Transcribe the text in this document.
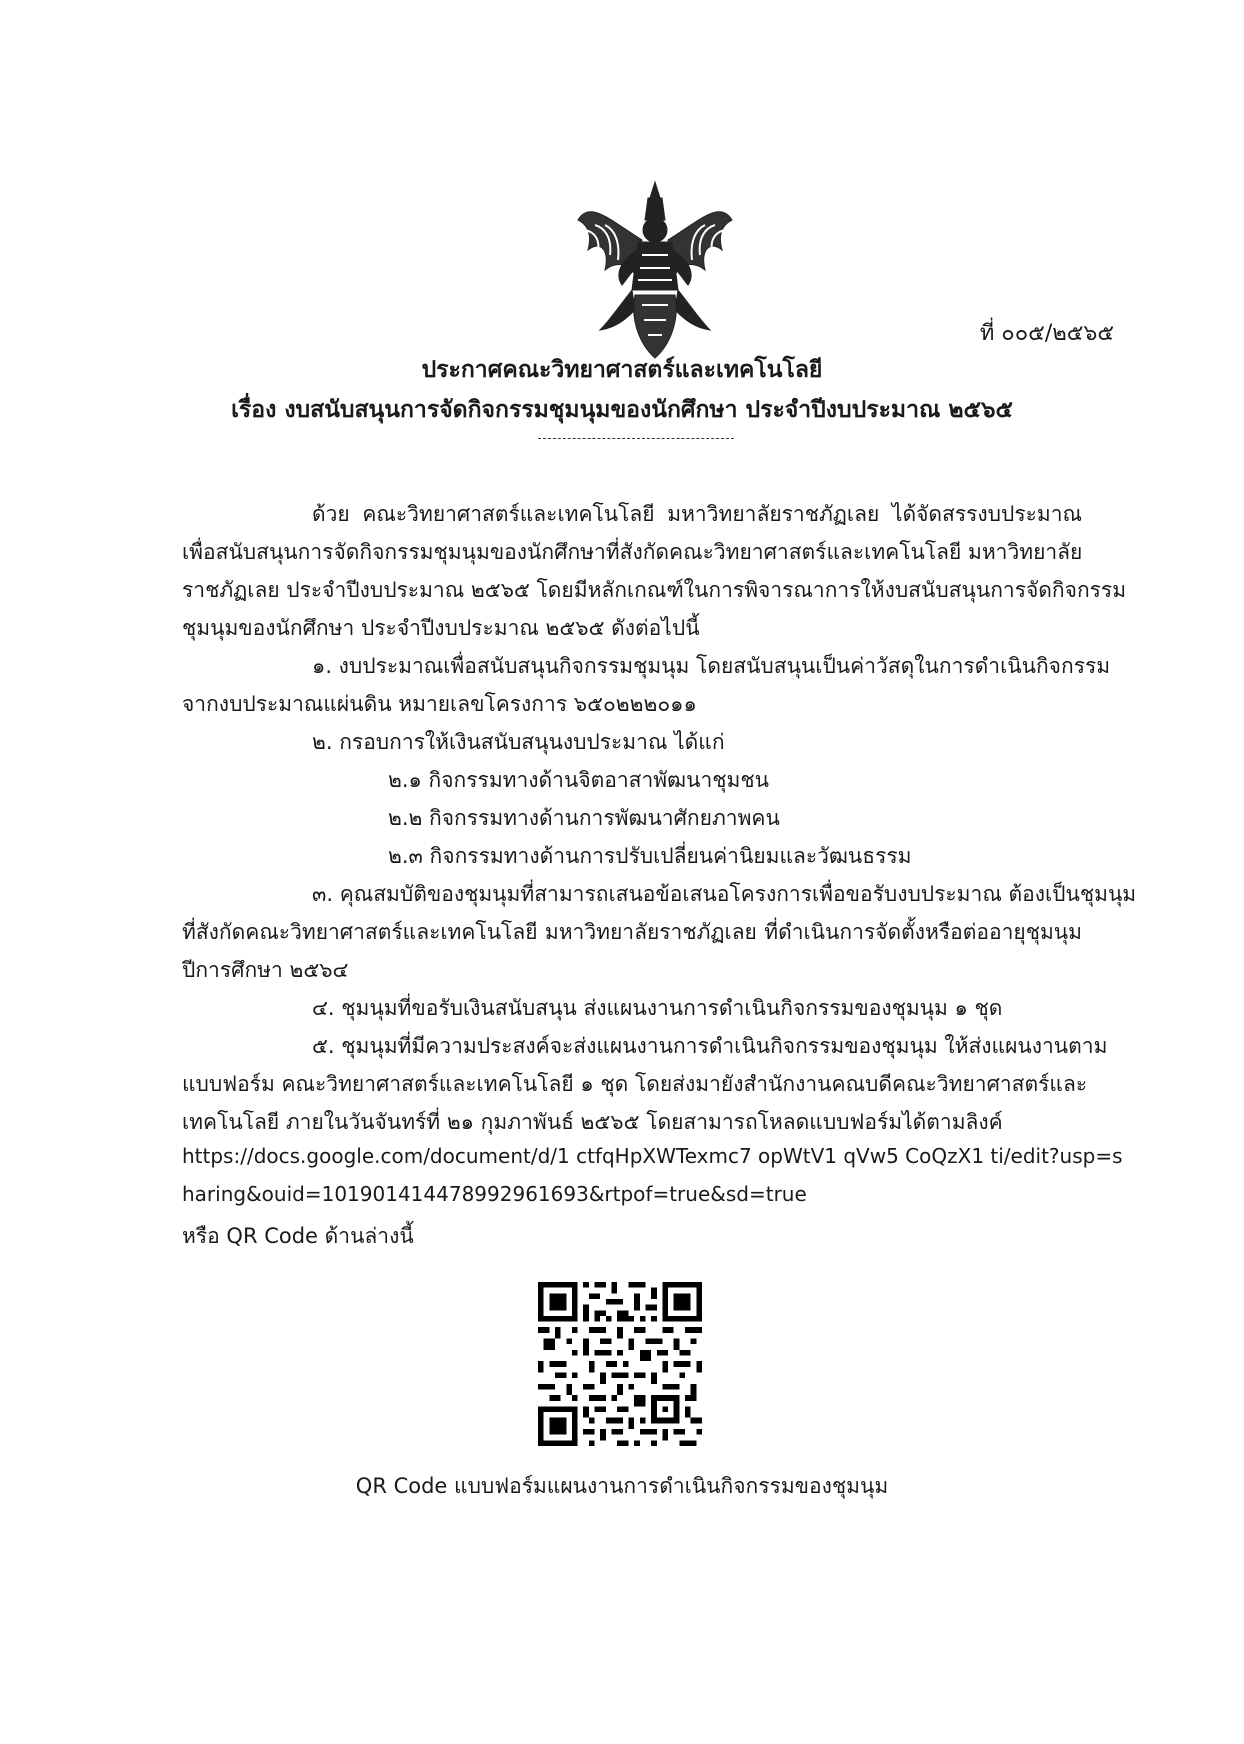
ที่ ๐๐๕/๒๕๖๕
ประกาศคณะวิทยาศาสตร์และเทคโนโลยี
เรื่อง งบสนับสนุนการจัดกิจกรรมชุมนุมของนักศึกษา ประจำปีงบประมาณ ๒๕๖๕
ด้วย คณะวิทยาศาสตร์และเทคโนโลยี มหาวิทยาลัยราชภัฏเลย ได้จัดสรรงบประมาณ
เพื่อสนับสนุนการจัดกิจกรรมชุมนุมของนักศึกษาที่สังกัดคณะวิทยาศาสตร์และเทคโนโลยี มหาวิทยาลัย
ราชภัฏเลย ประจำปีงบประมาณ ๒๕๖๕ โดยมีหลักเกณฑ์ในการพิจารณาการให้งบสนับสนุนการจัดกิจกรรม
ชุมนุมของนักศึกษา ประจำปีงบประมาณ ๒๕๖๕ ดังต่อไปนี้
๑. งบประมาณเพื่อสนับสนุนกิจกรรมชุมนุม โดยสนับสนุนเป็นค่าวัสดุในการดำเนินกิจกรรม
จากงบประมาณแผ่นดิน หมายเลขโครงการ ๖๕๐๒๒๒๐๑๑
๒. กรอบการให้เงินสนับสนุนงบประมาณ ได้แก่
๒.๑ กิจกรรมทางด้านจิตอาสาพัฒนาชุมชน
๒.๒ กิจกรรมทางด้านการพัฒนาศักยภาพคน
๒.๓ กิจกรรมทางด้านการปรับเปลี่ยนค่านิยมและวัฒนธรรม
๓. คุณสมบัติของชุมนุมที่สามารถเสนอข้อเสนอโครงการเพื่อขอรับงบประมาณ ต้องเป็นชุมนุม
ที่สังกัดคณะวิทยาศาสตร์และเทคโนโลยี มหาวิทยาลัยราชภัฏเลย ที่ดำเนินการจัดตั้งหรือต่ออายุชุมนุม
ปีการศึกษา ๒๕๖๔
๔. ชุมนุมที่ขอรับเงินสนับสนุน ส่งแผนงานการดำเนินกิจกรรมของชุมนุม ๑ ชุด
๕. ชุมนุมที่มีความประสงค์จะส่งแผนงานการดำเนินกิจกรรมของชุมนุม ให้ส่งแผนงานตาม
แบบฟอร์ม คณะวิทยาศาสตร์และเทคโนโลยี ๑ ชุด โดยส่งมายังสำนักงานคณบดีคณะวิทยาศาสตร์และ
เทคโนโลยี ภายในวันจันทร์ที่ ๒๑ กุมภาพันธ์ ๒๕๖๕ โดยสามารถโหลดแบบฟอร์มได้ตามลิงค์
https://docs.google.com/document/d/1 ctfqHpXWTexmc7 opWtV1 qVw5 CoQzX1 ti/edit?usp=s
haring&ouid=101901414478992961693&rtpof=true&sd=true
หรือ QR Code ด้านล่างนี้
QR Code แบบฟอร์มแผนงานการดำเนินกิจกรรมของชุมนุม
